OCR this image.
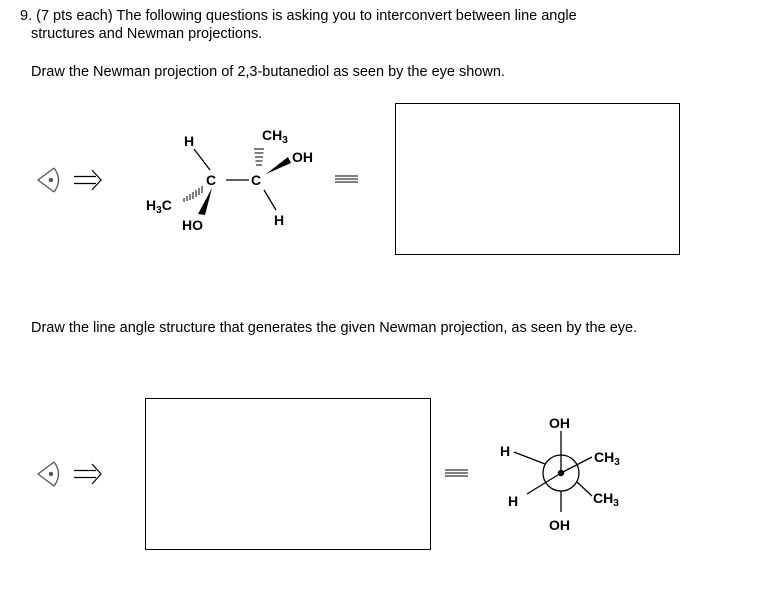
9. (7 pts each) The following questions is asking you to interconvert between line angle
structures and Newman projections.
Draw the Newman projection of 2,3-butanediol as seen by the eye shown.
H
C C
$CH_3$
OH
$H_3C$
HO	H
Draw the line angle structure that generates the given Newman projection, as seen by the eye.
OH
H	$CH_3$
H	$CH_3$
OH
